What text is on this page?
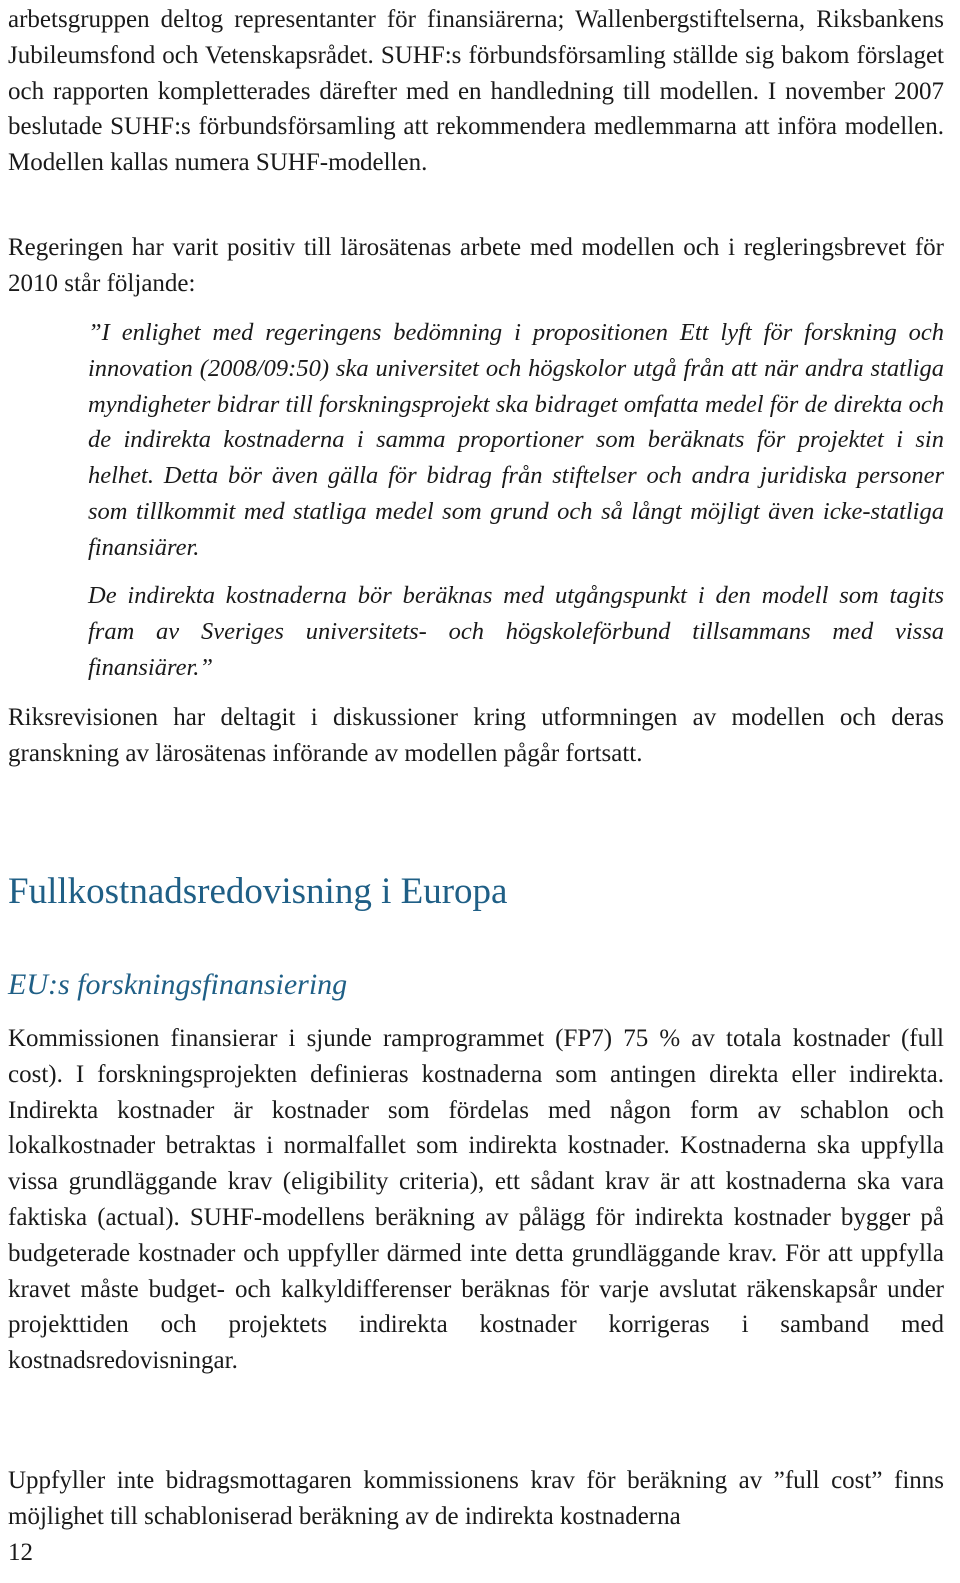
arbetsgruppen deltog representanter för finansiärerna; Wallenbergstiftelserna, Riksbankens Jubileumsfond och Vetenskapsrådet. SUHF:s förbundsförsamling ställde sig bakom förslaget och rapporten kompletterades därefter med en handledning till modellen. I november 2007 beslutade SUHF:s förbundsförsamling att rekommendera medlemmarna att införa modellen. Modellen kallas numera SUHF-modellen.

Regeringen har varit positiv till lärosätenas arbete med modellen och i regleringsbrevet för 2010 står följande:

”I enlighet med regeringens bedömning i propositionen Ett lyft för forskning och innovation (2008/09:50) ska universitet och högskolor utgå från att när andra statliga myndigheter bidrar till forskningsprojekt ska bidraget omfatta medel för de direkta och de indirekta kostnaderna i samma proportioner som beräknats för projektet i sin helhet. Detta bör även gälla för bidrag från stiftelser och andra juridiska personer som tillkommit med statliga medel som grund och så långt möjligt även icke-statliga finansiärer.

De indirekta kostnaderna bör beräknas med utgångspunkt i den modell som tagits fram av Sveriges universitets- och högskoleförbund tillsammans med vissa finansiärer.”

Riksrevisionen har deltagit i diskussioner kring utformningen av modellen och deras granskning av lärosätenas införande av modellen pågår fortsatt.

Fullkostnadsredovisning i Europa
EU:s forskningsfinansiering

Kommissionen finansierar i sjunde ramprogrammet (FP7) 75 % av totala kostnader (full cost). I forskningsprojekten definieras kostnaderna som antingen direkta eller indirekta. Indirekta kostnader är kostnader som fördelas med någon form av schablon och lokalkostnader betraktas i normalfallet som indirekta kostnader. Kostnaderna ska uppfylla vissa grundläggande krav (eligibility criteria), ett sådant krav är att kostnaderna ska vara faktiska (actual). SUHF-modellens beräkning av pålägg för indirekta kostnader bygger på budgeterade kostnader och uppfyller därmed inte detta grundläggande krav. För att uppfylla kravet måste budget- och kalkyldifferenser beräknas för varje avslutat räkenskapsår under projekttiden och projektets indirekta kostnader korrigeras i samband med kostnadsredovisningar.

Uppfyller inte bidragsmottagaren kommissionens krav för beräkning av ”full cost” finns möjlighet till schabloniserad beräkning av de indirekta kostnaderna

12
